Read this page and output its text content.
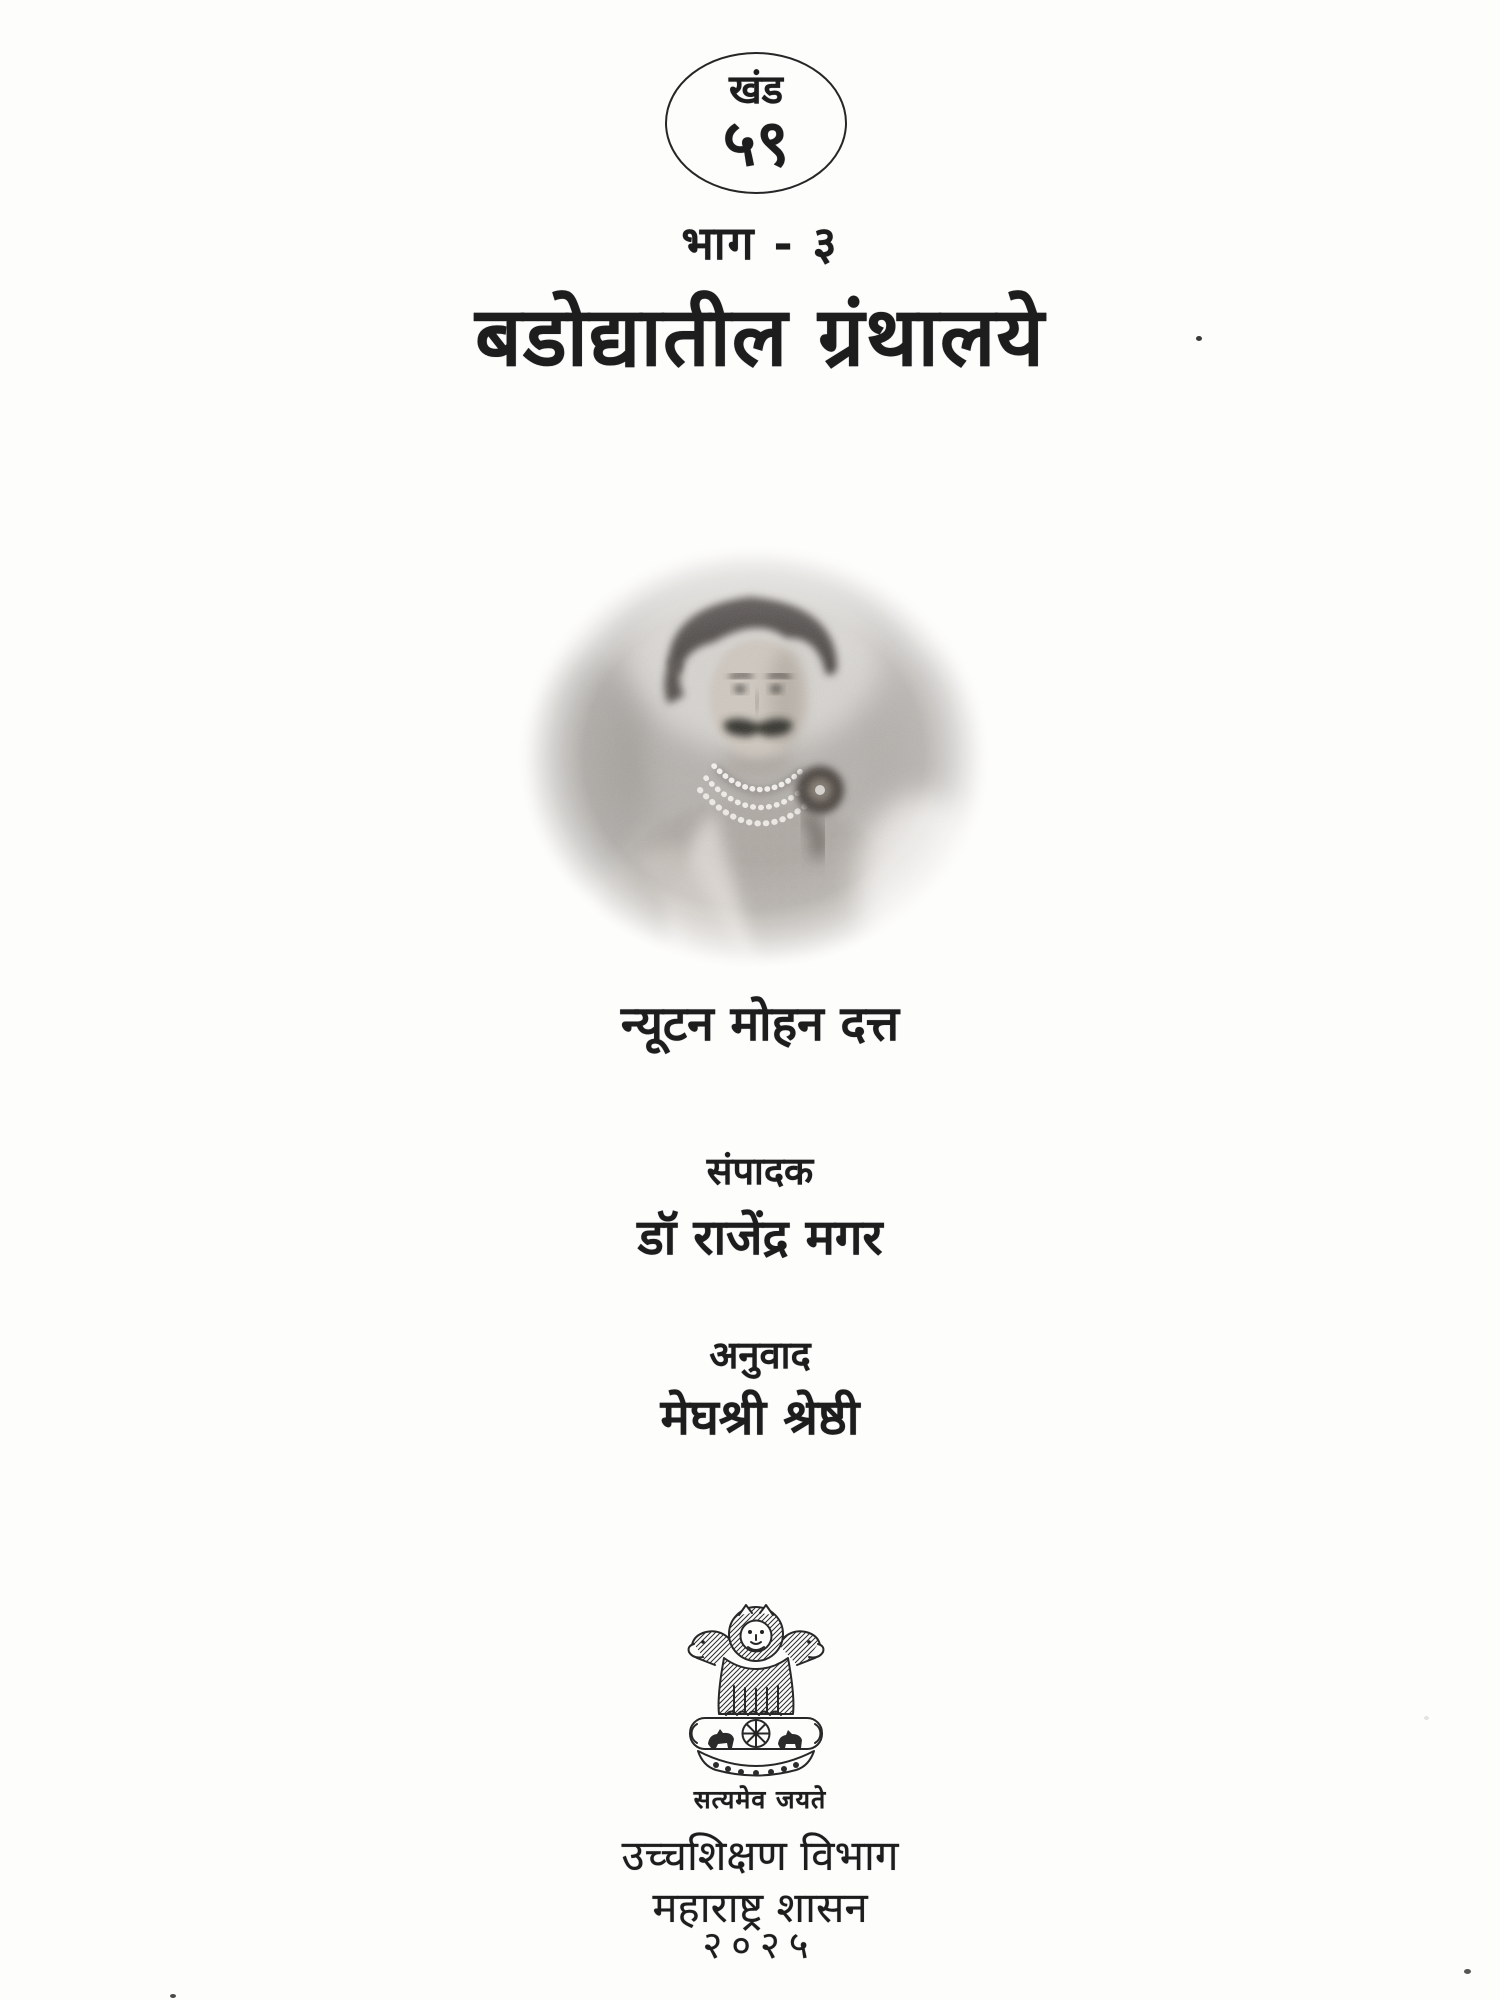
खंड
५९
भाग - ३
बडोद्यातील ग्रंथालये
न्यूटन मोहन दत्त
संपादक
डॉ राजेंद्र मगर
अनुवाद
मेघश्री श्रेष्ठी
सत्यमेव जयते
उच्चशिक्षण विभाग
महाराष्ट्र शासन
२०२५
